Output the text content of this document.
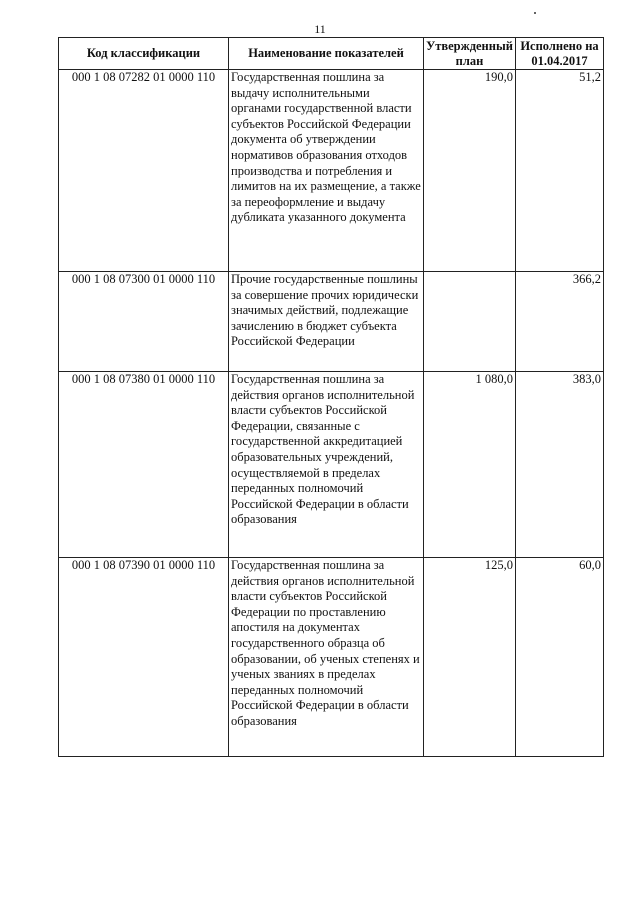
11
Код классификации	Наименование показателей	Утвержденный план	Исполнено на 01.04.2017
000 1 08 07282 01 0000 110	Государственная пошлина за выдачу исполнительными органами государственной власти субъектов Российской Федерации документа об утверждении нормативов образования отходов производства и потребления и лимитов на их размещение, а также за переоформление и выдачу дубликата указанного документа	190,0	51,2
000 1 08 07300 01 0000 110	Прочие государственные пошлины за совершение прочих юридически значимых действий, подлежащие зачислению в бюджет субъекта Российской Федерации		366,2
000 1 08 07380 01 0000 110	Государственная пошлина за действия органов исполнительной власти субъектов Российской Федерации, связанные с государственной аккредитацией образовательных учреждений, осуществляемой в пределах переданных полномочий Российской Федерации в области образования	1 080,0	383,0
000 1 08 07390 01 0000 110	Государственная пошлина за действия органов исполнительной власти субъектов Российской Федерации по проставлению апостиля на документах государственного образца об образовании, об ученых степенях и ученых званиях в пределах переданных полномочий Российской Федерации в области образования	125,0	60,0
